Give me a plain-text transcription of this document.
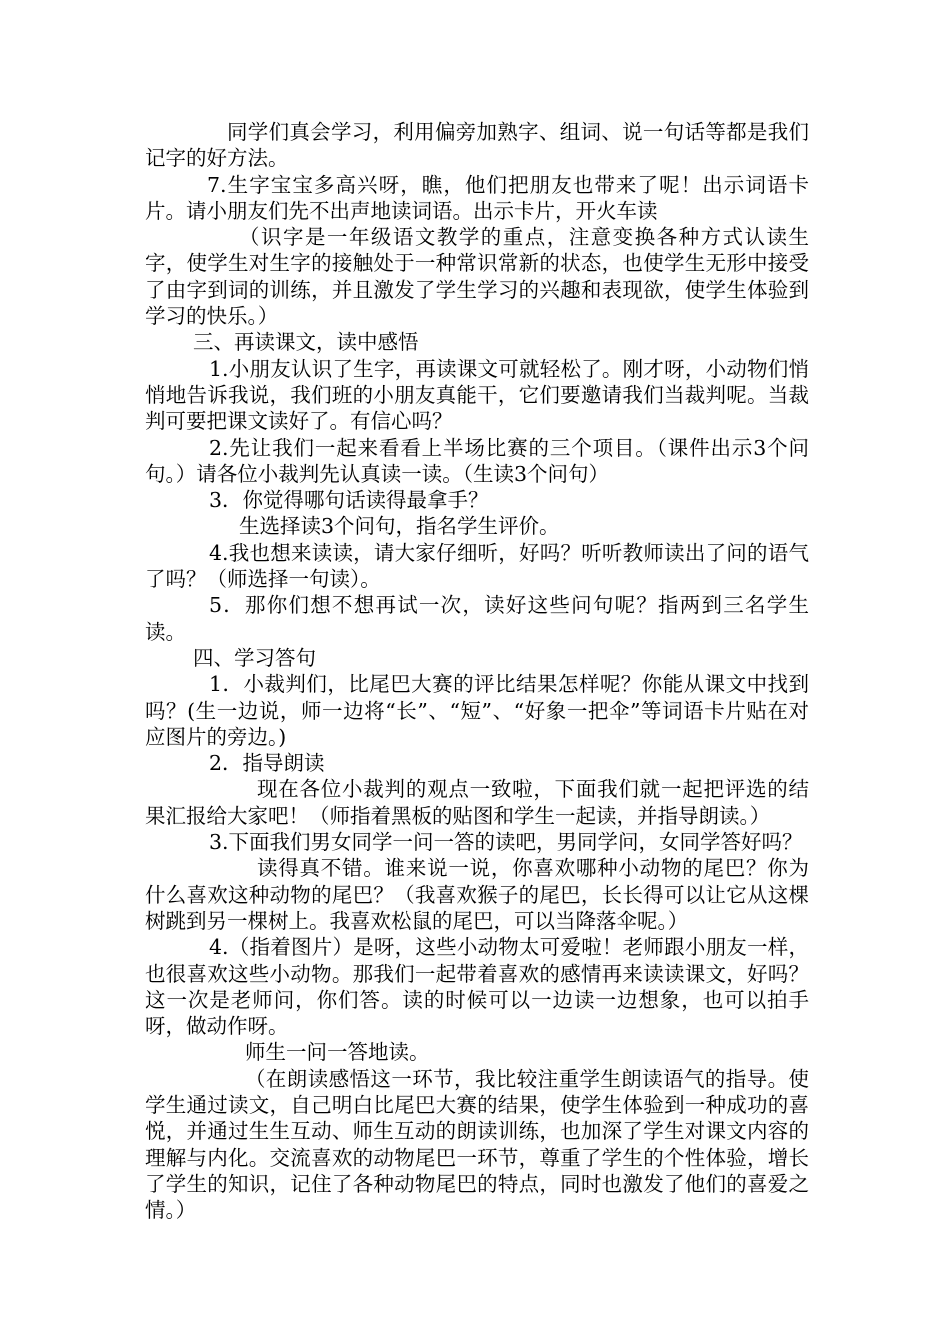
同学们真会学习，利用偏旁加熟字、组词、说一句话等都是我们记字的好方法。

7.生字宝宝多高兴呀，瞧，他们把朋友也带来了呢！出示词语卡片。请小朋友们先不出声地读词语。出示卡片，开火车读

（识字是一年级语文教学的重点，注意变换各种方式认读生字，使学生对生字的接触处于一种常识常新的状态，也使学生无形中接受了由字到词的训练，并且激发了学生学习的兴趣和表现欲，使学生体验到学习的快乐。）

三、再读课文，读中感悟

1.小朋友认识了生字，再读课文可就轻松了。刚才呀，小动物们悄悄地告诉我说，我们班的小朋友真能干，它们要邀请我们当裁判呢。当裁判可要把课文读好了。有信心吗？

2.先让我们一起来看看上半场比赛的三个项目。（课件出示3个问句。）请各位小裁判先认真读一读。（生读3个问句）

3．你觉得哪句话读得最拿手？

生选择读3个问句，指名学生评价。

4.我也想来读读，请大家仔细听，好吗？听听教师读出了问的语气了吗？（师选择一句读）。

5．那你们想不想再试一次，读好这些问句呢？指两到三名学生读。

四、学习答句

1．小裁判们，比尾巴大赛的评比结果怎样呢？你能从课文中找到吗？(生一边说，师一边将“长”、“短”、“好象一把伞”等词语卡片贴在对应图片的旁边。)

2．指导朗读

现在各位小裁判的观点一致啦，下面我们就一起把评选的结果汇报给大家吧！（师指着黑板的贴图和学生一起读，并指导朗读。）

3.下面我们男女同学一问一答的读吧，男同学问，女同学答好吗？

读得真不错。谁来说一说，你喜欢哪种小动物的尾巴？你为什么喜欢这种动物的尾巴？（我喜欢猴子的尾巴，长长得可以让它从这棵树跳到另一棵树上。我喜欢松鼠的尾巴，可以当降落伞呢。）

4.（指着图片）是呀，这些小动物太可爱啦！老师跟小朋友一样，也很喜欢这些小动物。那我们一起带着喜欢的感情再来读读课文，好吗？这一次是老师问，你们答。读的时候可以一边读一边想象，也可以拍手呀，做动作呀。

师生一问一答地读。

（在朗读感悟这一环节，我比较注重学生朗读语气的指导。使学生通过读文，自己明白比尾巴大赛的结果，使学生体验到一种成功的喜悦，并通过生生互动、师生互动的朗读训练，也加深了学生对课文内容的理解与内化。交流喜欢的动物尾巴一环节，尊重了学生的个性体验，增长了学生的知识，记住了各种动物尾巴的特点，同时也激发了他们的喜爱之情。）
